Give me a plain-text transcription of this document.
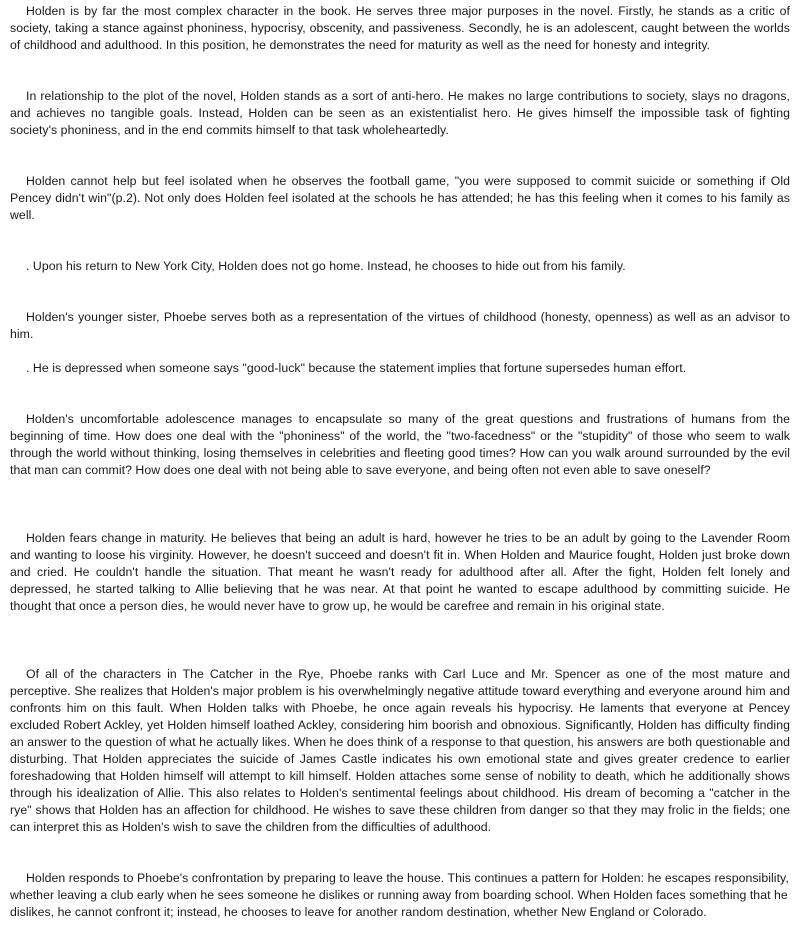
Holden is by far the most complex character in the book. He serves three major purposes in the novel. Firstly, he stands as a critic of society, taking a stance against phoniness, hypocrisy, obscenity, and passiveness. Secondly, he is an adolescent, caught between the worlds of childhood and adulthood. In this position, he demonstrates the need for maturity as well as the need for honesty and integrity.

In relationship to the plot of the novel, Holden stands as a sort of anti-hero. He makes no large contributions to society, slays no dragons, and achieves no tangible goals. Instead, Holden can be seen as an existentialist hero. He gives himself the impossible task of fighting society's phoniness, and in the end commits himself to that task wholeheartedly.

Holden cannot help but feel isolated when he observes the football game, "you were supposed to commit suicide or something if Old Pencey didn't win"(p.2). Not only does Holden feel isolated at the schools he has attended; he has this feeling when it comes to his family as well.

. Upon his return to New York City, Holden does not go home. Instead, he chooses to hide out from his family.

Holden's younger sister, Phoebe serves both as a representation of the virtues of childhood (honesty, openness) as well as an advisor to him.

. He is depressed when someone says "good-luck" because the statement implies that fortune supersedes human effort.

Holden's uncomfortable adolescence manages to encapsulate so many of the great questions and frustrations of humans from the beginning of time. How does one deal with the "phoniness" of the world, the "two-facedness" or the "stupidity" of those who seem to walk through the world without thinking, losing themselves in celebrities and fleeting good times? How can you walk around surrounded by the evil that man can commit? How does one deal with not being able to save everyone, and being often not even able to save oneself?

Holden fears change in maturity. He believes that being an adult is hard, however he tries to be an adult by going to the Lavender Room and wanting to loose his virginity. However, he doesn't succeed and doesn't fit in. When Holden and Maurice fought, Holden just broke down and cried. He couldn't handle the situation. That meant he wasn't ready for adulthood after all. After the fight, Holden felt lonely and depressed, he started talking to Allie believing that he was near. At that point he wanted to escape adulthood by committing suicide. He thought that once a person dies, he would never have to grow up, he would be carefree and remain in his original state.

Of all of the characters in The Catcher in the Rye, Phoebe ranks with Carl Luce and Mr. Spencer as one of the most mature and perceptive. She realizes that Holden's major problem is his overwhelmingly negative attitude toward everything and everyone around him and confronts him on this fault. When Holden talks with Phoebe, he once again reveals his hypocrisy. He laments that everyone at Pencey excluded Robert Ackley, yet Holden himself loathed Ackley, considering him boorish and obnoxious. Significantly, Holden has difficulty finding an answer to the question of what he actually likes. When he does think of a response to that question, his answers are both questionable and disturbing. That Holden appreciates the suicide of James Castle indicates his own emotional state and gives greater credence to earlier foreshadowing that Holden himself will attempt to kill himself. Holden attaches some sense of nobility to death, which he additionally shows through his idealization of Allie. This also relates to Holden's sentimental feelings about childhood. His dream of becoming a "catcher in the rye" shows that Holden has an affection for childhood. He wishes to save these children from danger so that they may frolic in the fields; one can interpret this as Holden's wish to save the children from the difficulties of adulthood.

Holden responds to Phoebe's confrontation by preparing to leave the house. This continues a pattern for Holden: he escapes responsibility, whether leaving a club early when he sees someone he dislikes or running away from boarding school. When Holden faces something that he dislikes, he cannot confront it; instead, he chooses to leave for another random destination, whether New England or Colorado.
